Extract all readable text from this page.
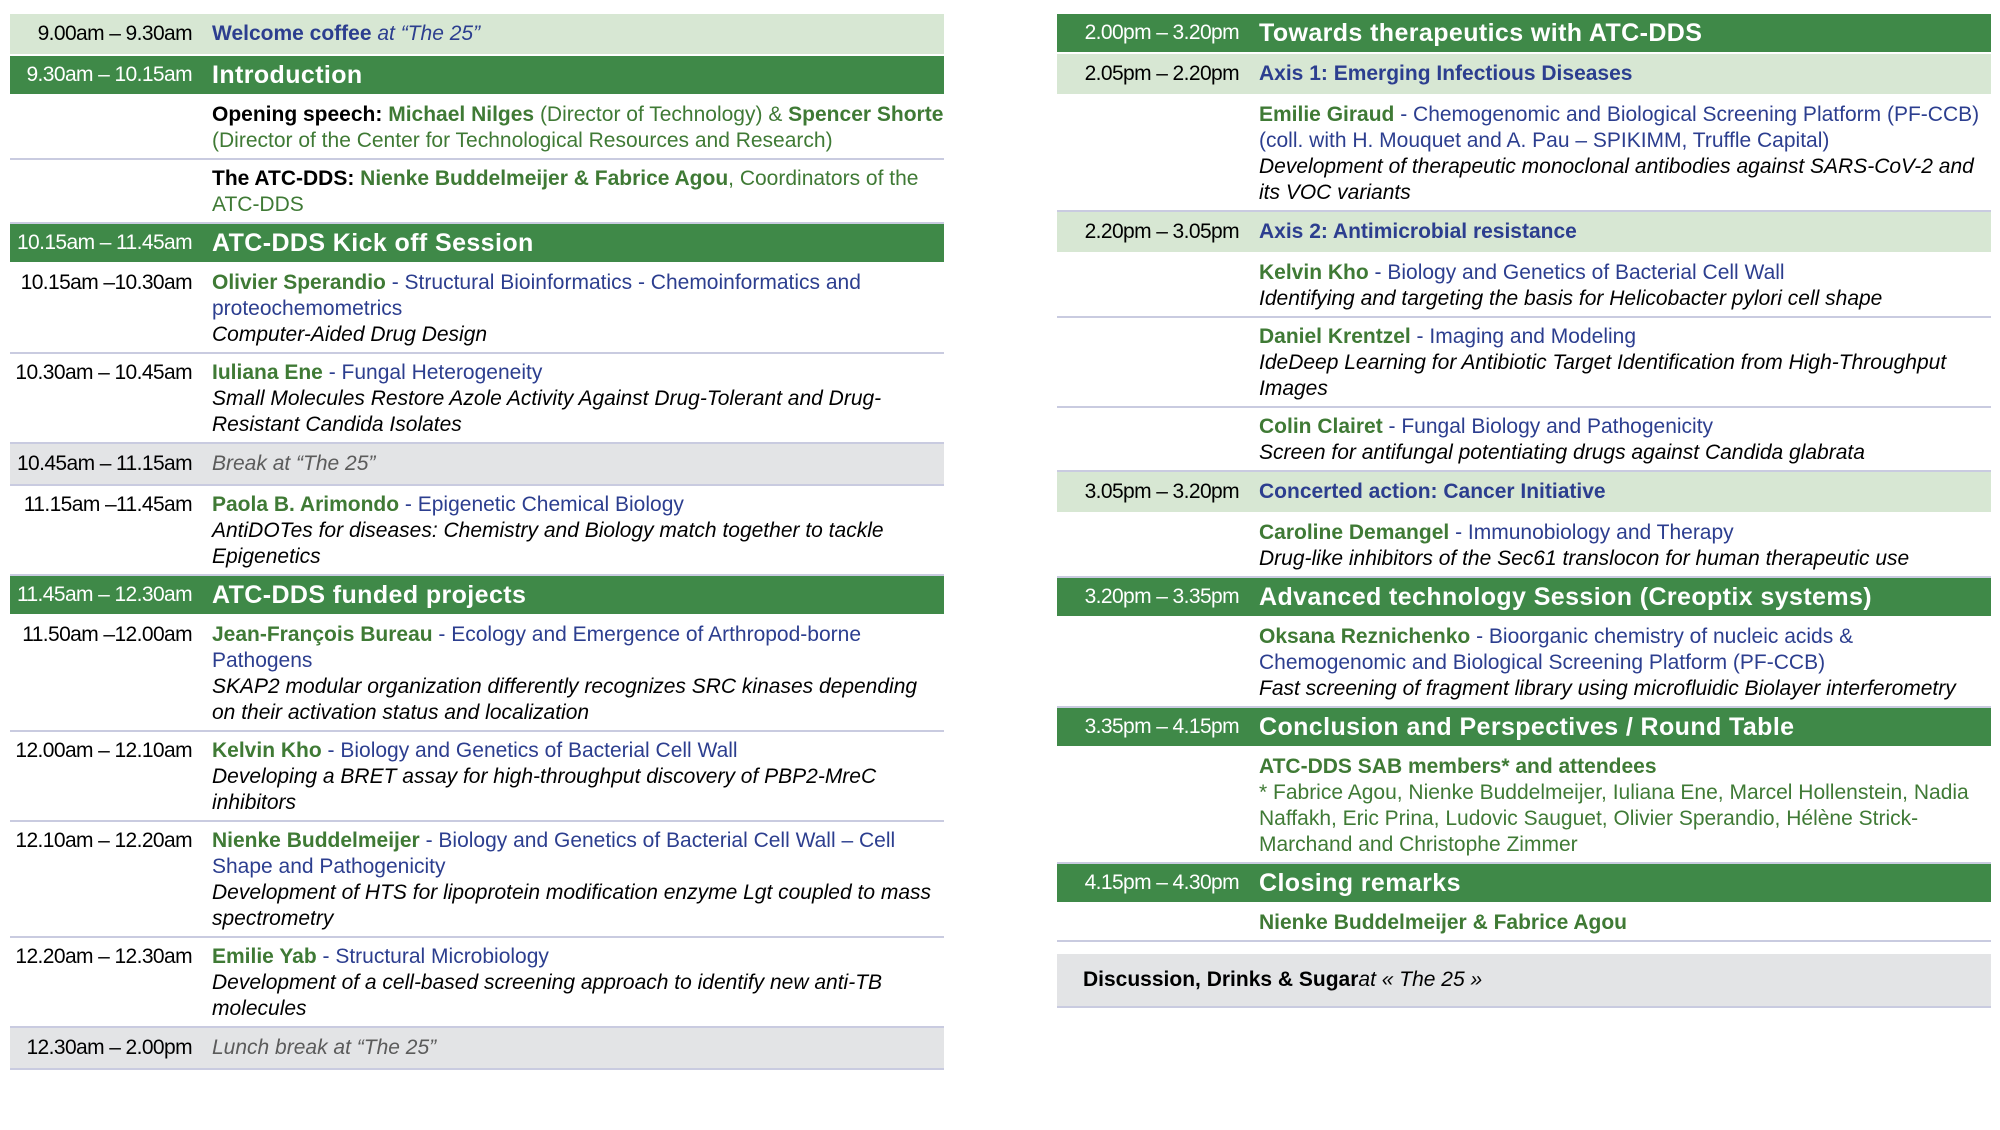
9.00am – 9.30am Welcome coffee at “The 25”
9.30am – 10.15am Introduction
Opening speech: Michael Nilges (Director of Technology) & Spencer Shorte (Director of the Center for Technological Resources and Research)
The ATC-DDS: Nienke Buddelmeijer & Fabrice Agou, Coordinators of the ATC-DDS
10.15am – 11.45am ATC-DDS Kick off Session
10.15am –10.30am Olivier Sperandio - Structural Bioinformatics - Chemoinformatics and proteochemometrics
Computer-Aided Drug Design
10.30am – 10.45am Iuliana Ene - Fungal Heterogeneity
Small Molecules Restore Azole Activity Against Drug-Tolerant and Drug-Resistant Candida Isolates
10.45am – 11.15am Break at “The 25”
11.15am –11.45am Paola B. Arimondo - Epigenetic Chemical Biology
AntiDOTes for diseases: Chemistry and Biology match together to tackle Epigenetics
11.45am – 12.30am ATC-DDS funded projects
11.50am –12.00am Jean-François Bureau - Ecology and Emergence of Arthropod-borne Pathogens
SKAP2 modular organization differently recognizes SRC kinases depending on their activation status and localization
12.00am – 12.10am Kelvin Kho - Biology and Genetics of Bacterial Cell Wall
Developing a BRET assay for high-throughput discovery of PBP2-MreC inhibitors
12.10am – 12.20am Nienke Buddelmeijer - Biology and Genetics of Bacterial Cell Wall – Cell Shape and Pathogenicity
Development of HTS for lipoprotein modification enzyme Lgt coupled to mass spectrometry
12.20am – 12.30am Emilie Yab - Structural Microbiology
Development of a cell-based screening approach to identify new anti-TB molecules
12.30am – 2.00pm Lunch break at “The 25”
2.00pm – 3.20pm Towards therapeutics with ATC-DDS
2.05pm – 2.20pm Axis 1: Emerging Infectious Diseases
Emilie Giraud - Chemogenomic and Biological Screening Platform (PF-CCB)
(coll. with H. Mouquet and A. Pau – SPIKIMM, Truffle Capital)
Development of therapeutic monoclonal antibodies against SARS-CoV-2 and its VOC variants
2.20pm – 3.05pm Axis 2: Antimicrobial resistance
Kelvin Kho - Biology and Genetics of Bacterial Cell Wall
Identifying and targeting the basis for Helicobacter pylori cell shape
Daniel Krentzel - Imaging and Modeling
IdeDeep Learning for Antibiotic Target Identification from High-Throughput Images
Colin Clairet - Fungal Biology and Pathogenicity
Screen for antifungal potentiating drugs against Candida glabrata
3.05pm – 3.20pm Concerted action: Cancer Initiative
Caroline Demangel - Immunobiology and Therapy
Drug-like inhibitors of the Sec61 translocon for human therapeutic use
3.20pm – 3.35pm Advanced technology Session (Creoptix systems)
Oksana Reznichenko - Bioorganic chemistry of nucleic acids & Chemogenomic and Biological Screening Platform (PF-CCB)
Fast screening of fragment library using microfluidic Biolayer interferometry
3.35pm – 4.15pm Conclusion and Perspectives / Round Table
ATC-DDS SAB members* and attendees
* Fabrice Agou, Nienke Buddelmeijer, Iuliana Ene, Marcel Hollenstein, Nadia Naffakh, Eric Prina, Ludovic Sauguet, Olivier Sperandio, Hélène Strick-Marchand and Christophe Zimmer
4.15pm – 4.30pm Closing remarks
Nienke Buddelmeijer & Fabrice Agou
Discussion, Drinks & Sugar at « The 25 »
